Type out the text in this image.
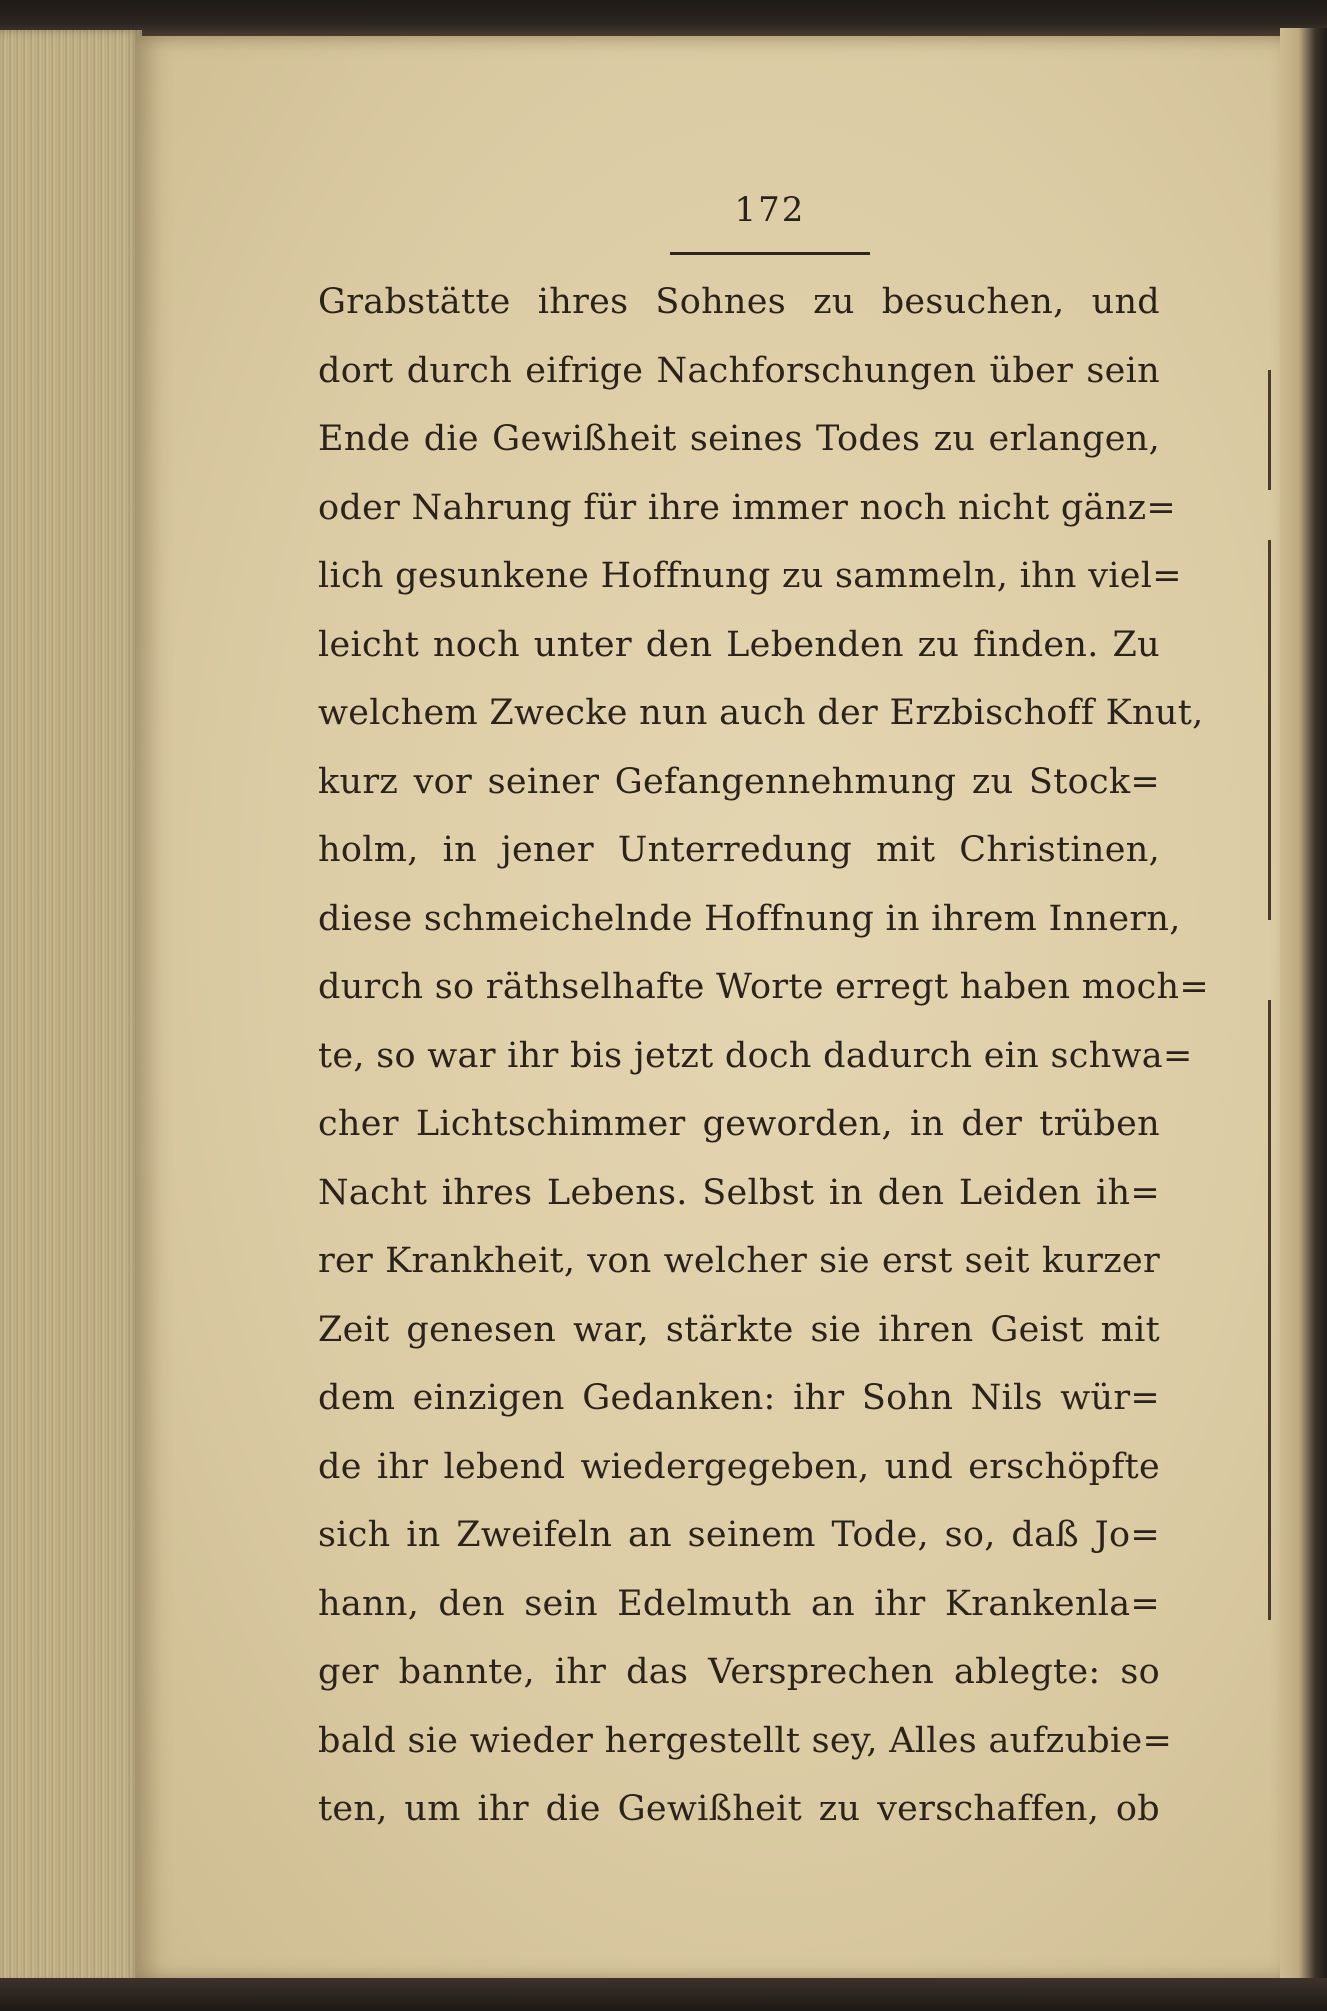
172
Grabstätte ihres Sohnes zu besuchen, und
dort durch eifrige Nachforschungen über sein
Ende die Gewißheit seines Todes zu erlangen,
oder Nahrung für ihre immer noch nicht gänz=
lich gesunkene Hoffnung zu sammeln, ihn viel=
leicht noch unter den Lebenden zu finden. Zu
welchem Zwecke nun auch der Erzbischoff Knut,
kurz vor seiner Gefangennehmung zu Stock=
holm, in jener Unterredung mit Christinen,
diese schmeichelnde Hoffnung in ihrem Innern,
durch so räthselhafte Worte erregt haben moch=
te, so war ihr bis jetzt doch dadurch ein schwa=
cher Lichtschimmer geworden, in der trüben
Nacht ihres Lebens. Selbst in den Leiden ih=
rer Krankheit, von welcher sie erst seit kurzer
Zeit genesen war, stärkte sie ihren Geist mit
dem einzigen Gedanken: ihr Sohn Nils wür=
de ihr lebend wiedergegeben, und erschöpfte
sich in Zweifeln an seinem Tode, so, daß Jo=
hann, den sein Edelmuth an ihr Krankenla=
ger bannte, ihr das Versprechen ablegte: so
bald sie wieder hergestellt sey, Alles aufzubie=
ten, um ihr die Gewißheit zu verschaffen, ob
